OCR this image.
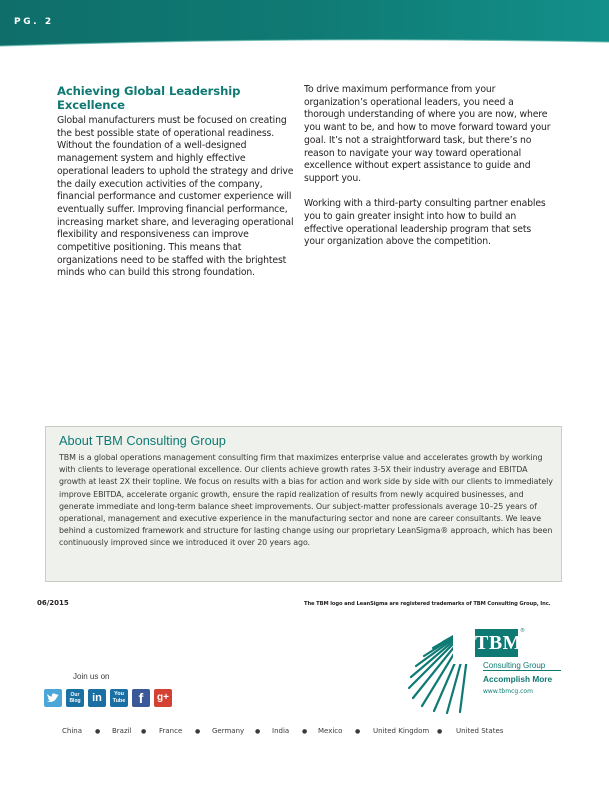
PG. 2
Achieving Global Leadership Excellence

Global manufacturers must be focused on creating the best possible state of operational readiness. Without the foundation of a well-designed management system and highly effective operational leaders to uphold the strategy and drive the daily execution activities of the company, financial performance and customer experience will eventually suffer. Improving financial performance, increasing market share, and leveraging operational flexibility and responsiveness can improve competitive positioning. This means that organizations need to be staffed with the brightest minds who can build this strong foundation.

To drive maximum performance from your organization’s operational leaders, you need a thorough understanding of where you are now, where you want to be, and how to move forward toward your goal. It’s not a straightforward task, but there’s no reason to navigate your way toward operational excellence without expert assistance to guide and support you.

Working with a third-party consulting partner enables you to gain greater insight into how to build an effective operational leadership program that sets your organization above the competition.

About TBM Consulting Group
TBM is a global operations management consulting firm that maximizes enterprise value and accelerates growth by working with clients to leverage operational excellence. Our clients achieve growth rates 3-5X their industry average and EBITDA growth at least 2X their topline. We focus on results with a bias for action and work side by side with our clients to immediately improve EBITDA, accelerate organic growth, ensure the rapid realization of results from newly acquired businesses, and generate immediate and long-term balance sheet improvements. Our subject-matter professionals average 10–25 years of operational, management and executive experience in the manufacturing sector and none are career consultants. We leave behind a customized framework and structure for lasting change using our proprietary LeanSigma® approach, which has been continuously improved since we introduced it over 20 years ago.
06/2015	The TBM logo and LeanSigma are registered trademarks of TBM Consulting Group, Inc.
TBM
®
Consulting Group
Accomplish More
www.tbmcg.com
Join us on
Our Blog	in	You Tube f	g+
China ● Brazil ● France ● Germany ● India ● Mexico ● United Kingdom ● United States
